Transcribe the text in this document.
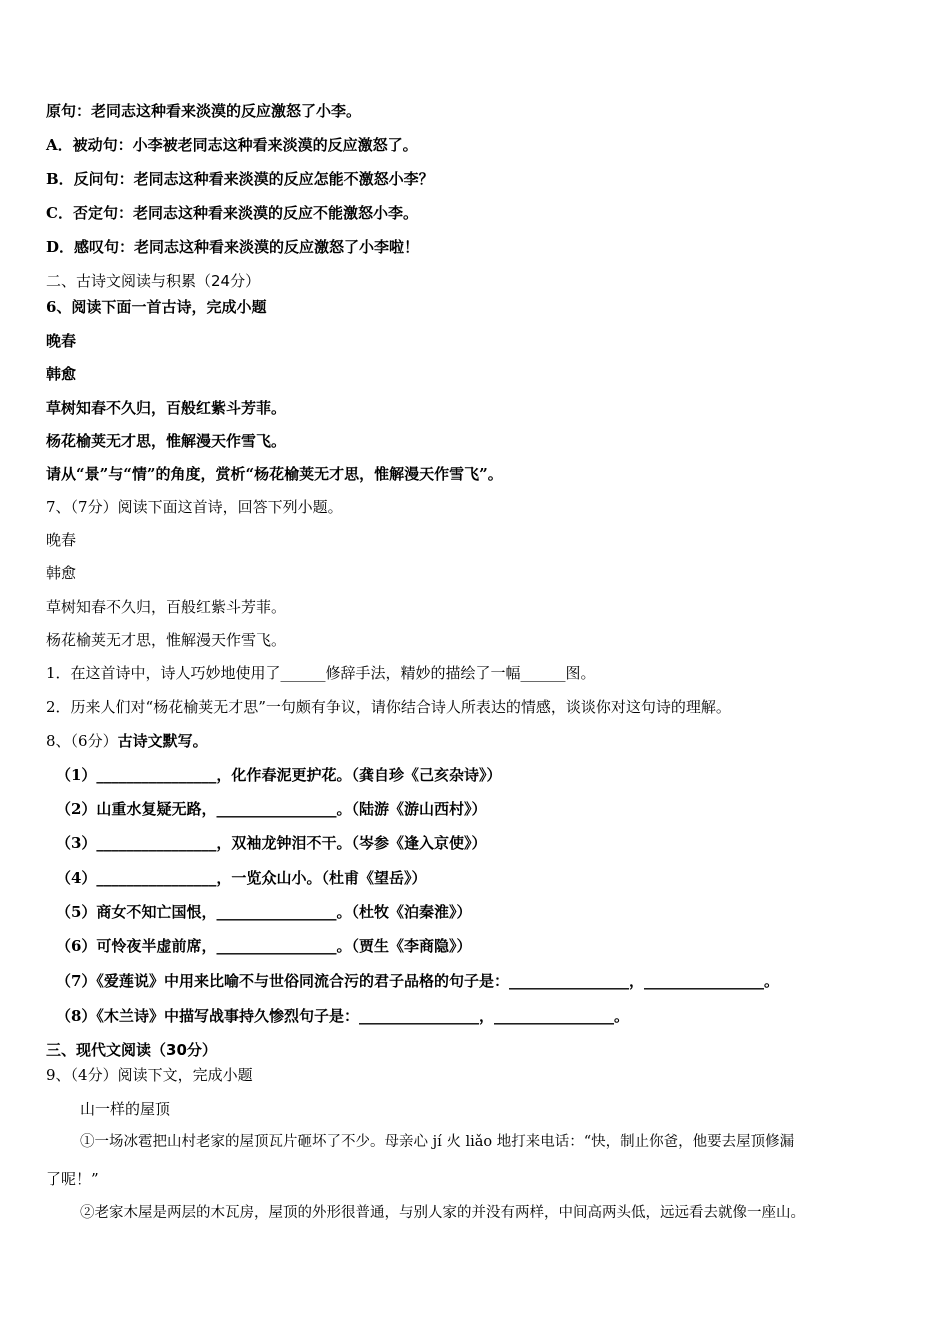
原句：老同志这种看来淡漠的反应激怒了小李。
A．被动句：小李被老同志这种看来淡漠的反应激怒了。
B．反问句：老同志这种看来淡漠的反应怎能不激怒小李？
C．否定句：老同志这种看来淡漠的反应不能激怒小李。
D．感叹句：老同志这种看来淡漠的反应激怒了小李啦！
二、古诗文阅读与积累（24分）
6、阅读下面一首古诗，完成小题
晚春
韩愈
草树知春不久归，百般红紫斗芳菲。
杨花榆荚无才思，惟解漫天作雪飞。
请从“景”与“情”的角度，赏析“杨花榆荚无才思，惟解漫天作雪飞”。
7、（7分）阅读下面这首诗，回答下列小题。
晚春
韩愈
草树知春不久归，百般红紫斗芳菲。
杨花榆荚无才思，惟解漫天作雪飞。
1．在这首诗中，诗人巧妙地使用了______修辞手法，精妙的描绘了一幅______图。
2．历来人们对“杨花榆荚无才思”一句颇有争议，请你结合诗人所表达的情感，谈谈你对这句诗的理解。
8、（6分）古诗文默写。
（1）________________，化作春泥更护花。（龚自珍《己亥杂诗》）
（2）山重水复疑无路，________________。（陆游《游山西村》）
（3）________________，双袖龙钟泪不干。（岑参《逢入京使》）
（4）________________，一览众山小。（杜甫《望岳》）
（5）商女不知亡国恨，________________。（杜牧《泊秦淮》）
（6）可怜夜半虚前席，________________。（贾生《李商隐》）
（7）《爱莲说》中用来比喻不与世俗同流合污的君子品格的句子是：________________，________________。
（8）《木兰诗》中描写战事持久惨烈句子是：________________，________________。
三、现代文阅读（30分）
9、（4分）阅读下文，完成小题
山一样的屋顶
①一场冰雹把山村老家的屋顶瓦片砸坏了不少。母亲心 jí 火 liǎo 地打来电话：“快，制止你爸，他要去屋顶修漏
了呢！”
②老家木屋是两层的木瓦房，屋顶的外形很普通，与别人家的并没有两样，中间高两头低，远远看去就像一座山。
